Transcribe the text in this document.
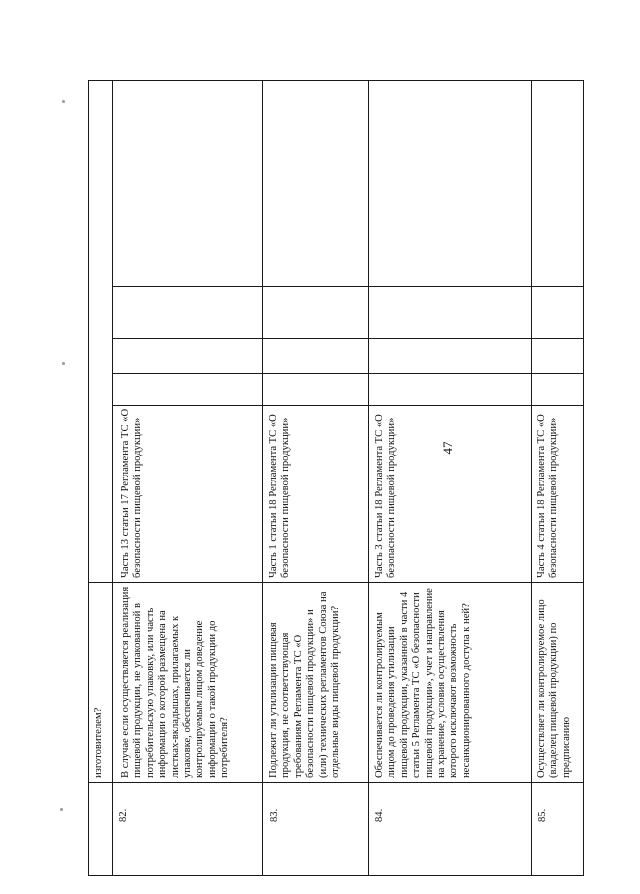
47
изготовителем?
82.
В случае если осуществляется реализация пищевой продукции, не упакованной в потребительскую упаковку, или часть информации о которой размещена на листках-вкладышах, прилагаемых к упаковке, обеспечивается ли контролируемым лицом доведение информации о такой продукции до потребителя?
Часть 13 статьи 17 Регламента ТС «О безопасности пищевой продукции»
83.
Подлежит ли утилизации пищевая продукция, не соответствующая требованиям Регламента ТС «О безопасности пищевой продукции» и (или) технических регламентов Союза на отдельные виды пищевой продукции?
Часть 1 статьи 18 Регламента ТС «О безопасности пищевой продукции»
84.
Обеспечивается ли контролируемым лицом до проведения утилизации пищевой продукции, указанной в части 4 статьи 5 Регламента ТС «О безопасности пищевой продукции», учет и направление на хранение, условия осуществления которого исключают возможность несанкционированного доступа к ней?
Часть 3 статьи 18 Регламента ТС «О безопасности пищевой продукции»
85.
Осуществляет ли контролируемое лицо (владелец пищевой продукции) по предписанию
Часть 4 статьи 18 Регламента ТС «О безопасности пищевой продукции»
